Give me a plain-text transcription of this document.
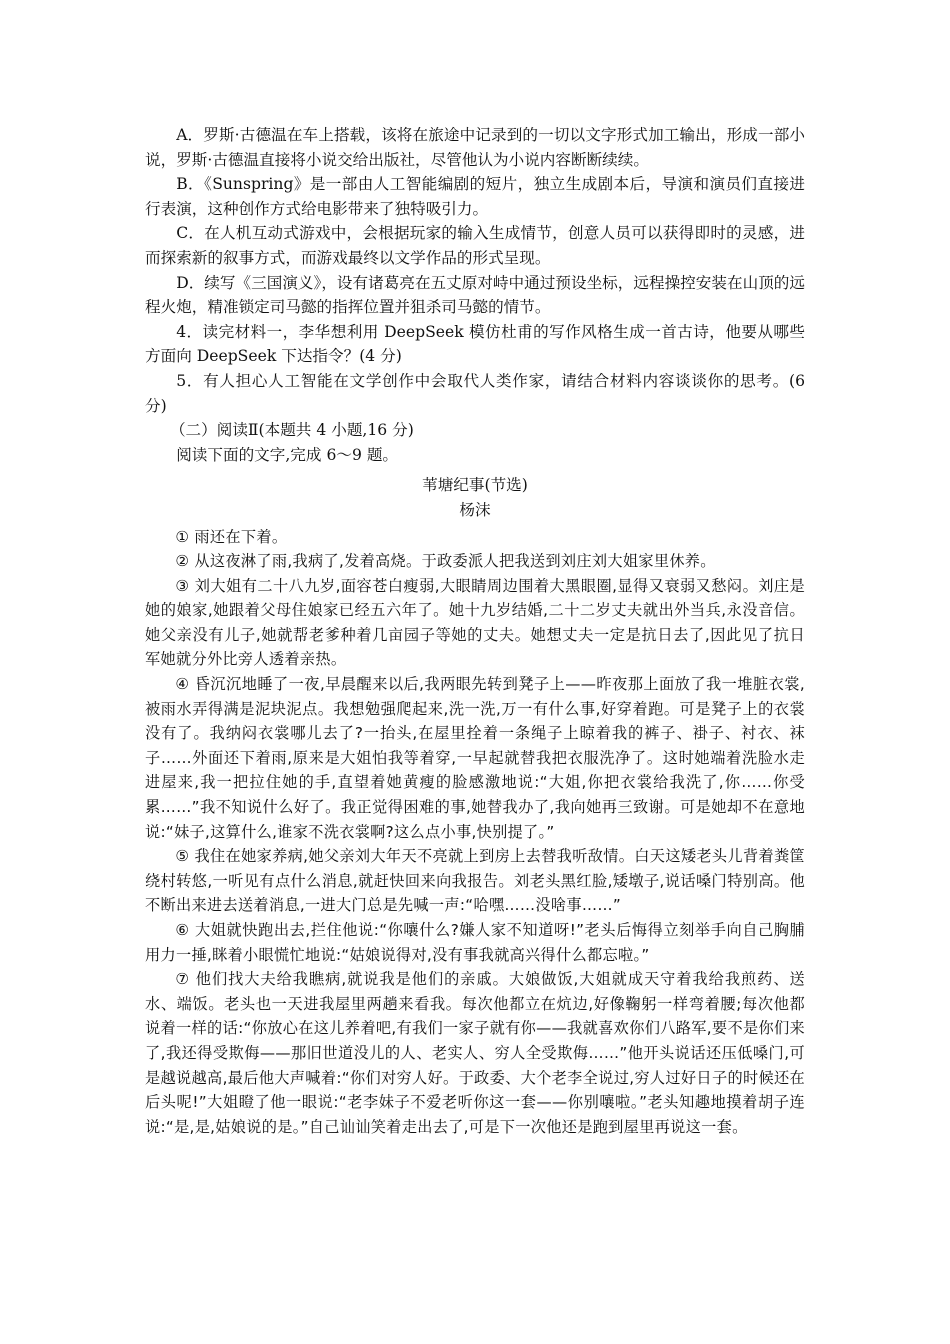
A．罗斯·古德温在车上搭载，该将在旅途中记录到的一切以文字形式加工输出，形成一部小说，罗斯·古德温直接将小说交给出版社，尽管他认为小说内容断断续续。

B．《Sunspring》是一部由人工智能编剧的短片，独立生成剧本后，导演和演员们直接进行表演，这种创作方式给电影带来了独特吸引力。

C．在人机互动式游戏中，会根据玩家的输入生成情节，创意人员可以获得即时的灵感，进而探索新的叙事方式，而游戏最终以文学作品的形式呈现。

D．续写《三国演义》，设有诸葛亮在五丈原对峙中通过预设坐标，远程操控安装在山顶的远程火炮，精准锁定司马懿的指挥位置并狙杀司马懿的情节。

4．读完材料一，李华想利用 DeepSeek 模仿杜甫的写作风格生成一首古诗，他要从哪些方面向 DeepSeek 下达指令？(4 分)

5．有人担心人工智能在文学创作中会取代人类作家，请结合材料内容谈谈你的思考。(6 分)

（二）阅读Ⅱ(本题共 4 小题,16 分)

阅读下面的文字,完成 6～9 题。

苇塘纪事(节选)

杨沫

① 雨还在下着。

② 从这夜淋了雨,我病了,发着高烧。于政委派人把我送到刘庄刘大姐家里休养。

③ 刘大姐有二十八九岁,面容苍白瘦弱,大眼睛周边围着大黑眼圈,显得又衰弱又愁闷。刘庄是她的娘家,她跟着父母住娘家已经五六年了。她十九岁结婚,二十二岁丈夫就出外当兵,永没音信。她父亲没有儿子,她就帮老爹种着几亩园子等她的丈夫。她想丈夫一定是抗日去了,因此见了抗日军她就分外比旁人透着亲热。

④ 昏沉沉地睡了一夜,早晨醒来以后,我两眼先转到凳子上——昨夜那上面放了我一堆脏衣裳,被雨水弄得满是泥块泥点。我想勉强爬起来,洗一洗,万一有什么事,好穿着跑。可是凳子上的衣裳没有了。我纳闷衣裳哪儿去了?一抬头,在屋里拴着一条绳子上晾着我的裤子、褂子、衬衣、袜子……外面还下着雨,原来是大姐怕我等着穿,一早起就替我把衣服洗净了。这时她端着洗脸水走进屋来,我一把拉住她的手,直望着她黄瘦的脸感激地说:“大姐,你把衣裳给我洗了,你……你受累……”我不知说什么好了。我正觉得困难的事,她替我办了,我向她再三致谢。可是她却不在意地说:“妹子,这算什么,谁家不洗衣裳啊?这么点小事,快别提了。”

⑤ 我住在她家养病,她父亲刘大年天不亮就上到房上去替我听敌情。白天这矮老头儿背着粪筐绕村转悠,一听见有点什么消息,就赶快回来向我报告。刘老头黑红脸,矮墩子,说话嗓门特别高。他不断出来进去送着消息,一进大门总是先喊一声:“哈嘿……没啥事……”

⑥ 大姐就快跑出去,拦住他说:“你嚷什么?嫌人家不知道呀!”老头后悔得立刻举手向自己胸脯用力一捶,眯着小眼慌忙地说:“姑娘说得对,没有事我就高兴得什么都忘啦。”

⑦ 他们找大夫给我瞧病,就说我是他们的亲戚。大娘做饭,大姐就成天守着我给我煎药、送水、端饭。老头也一天进我屋里两趟来看我。每次他都立在炕边,好像鞠躬一样弯着腰;每次他都说着一样的话:“你放心在这儿养着吧,有我们一家子就有你——我就喜欢你们八路军,要不是你们来了,我还得受欺侮——那旧世道没儿的人、老实人、穷人全受欺侮……”他开头说话还压低嗓门,可是越说越高,最后他大声喊着:“你们对穷人好。于政委、大个老李全说过,穷人过好日子的时候还在后头呢!”大姐瞪了他一眼说:“老李妹子不爱老听你这一套——你别嚷啦。”老头知趣地摸着胡子连说:“是,是,姑娘说的是。”自己讪讪笑着走出去了,可是下一次他还是跑到屋里再说这一套。
